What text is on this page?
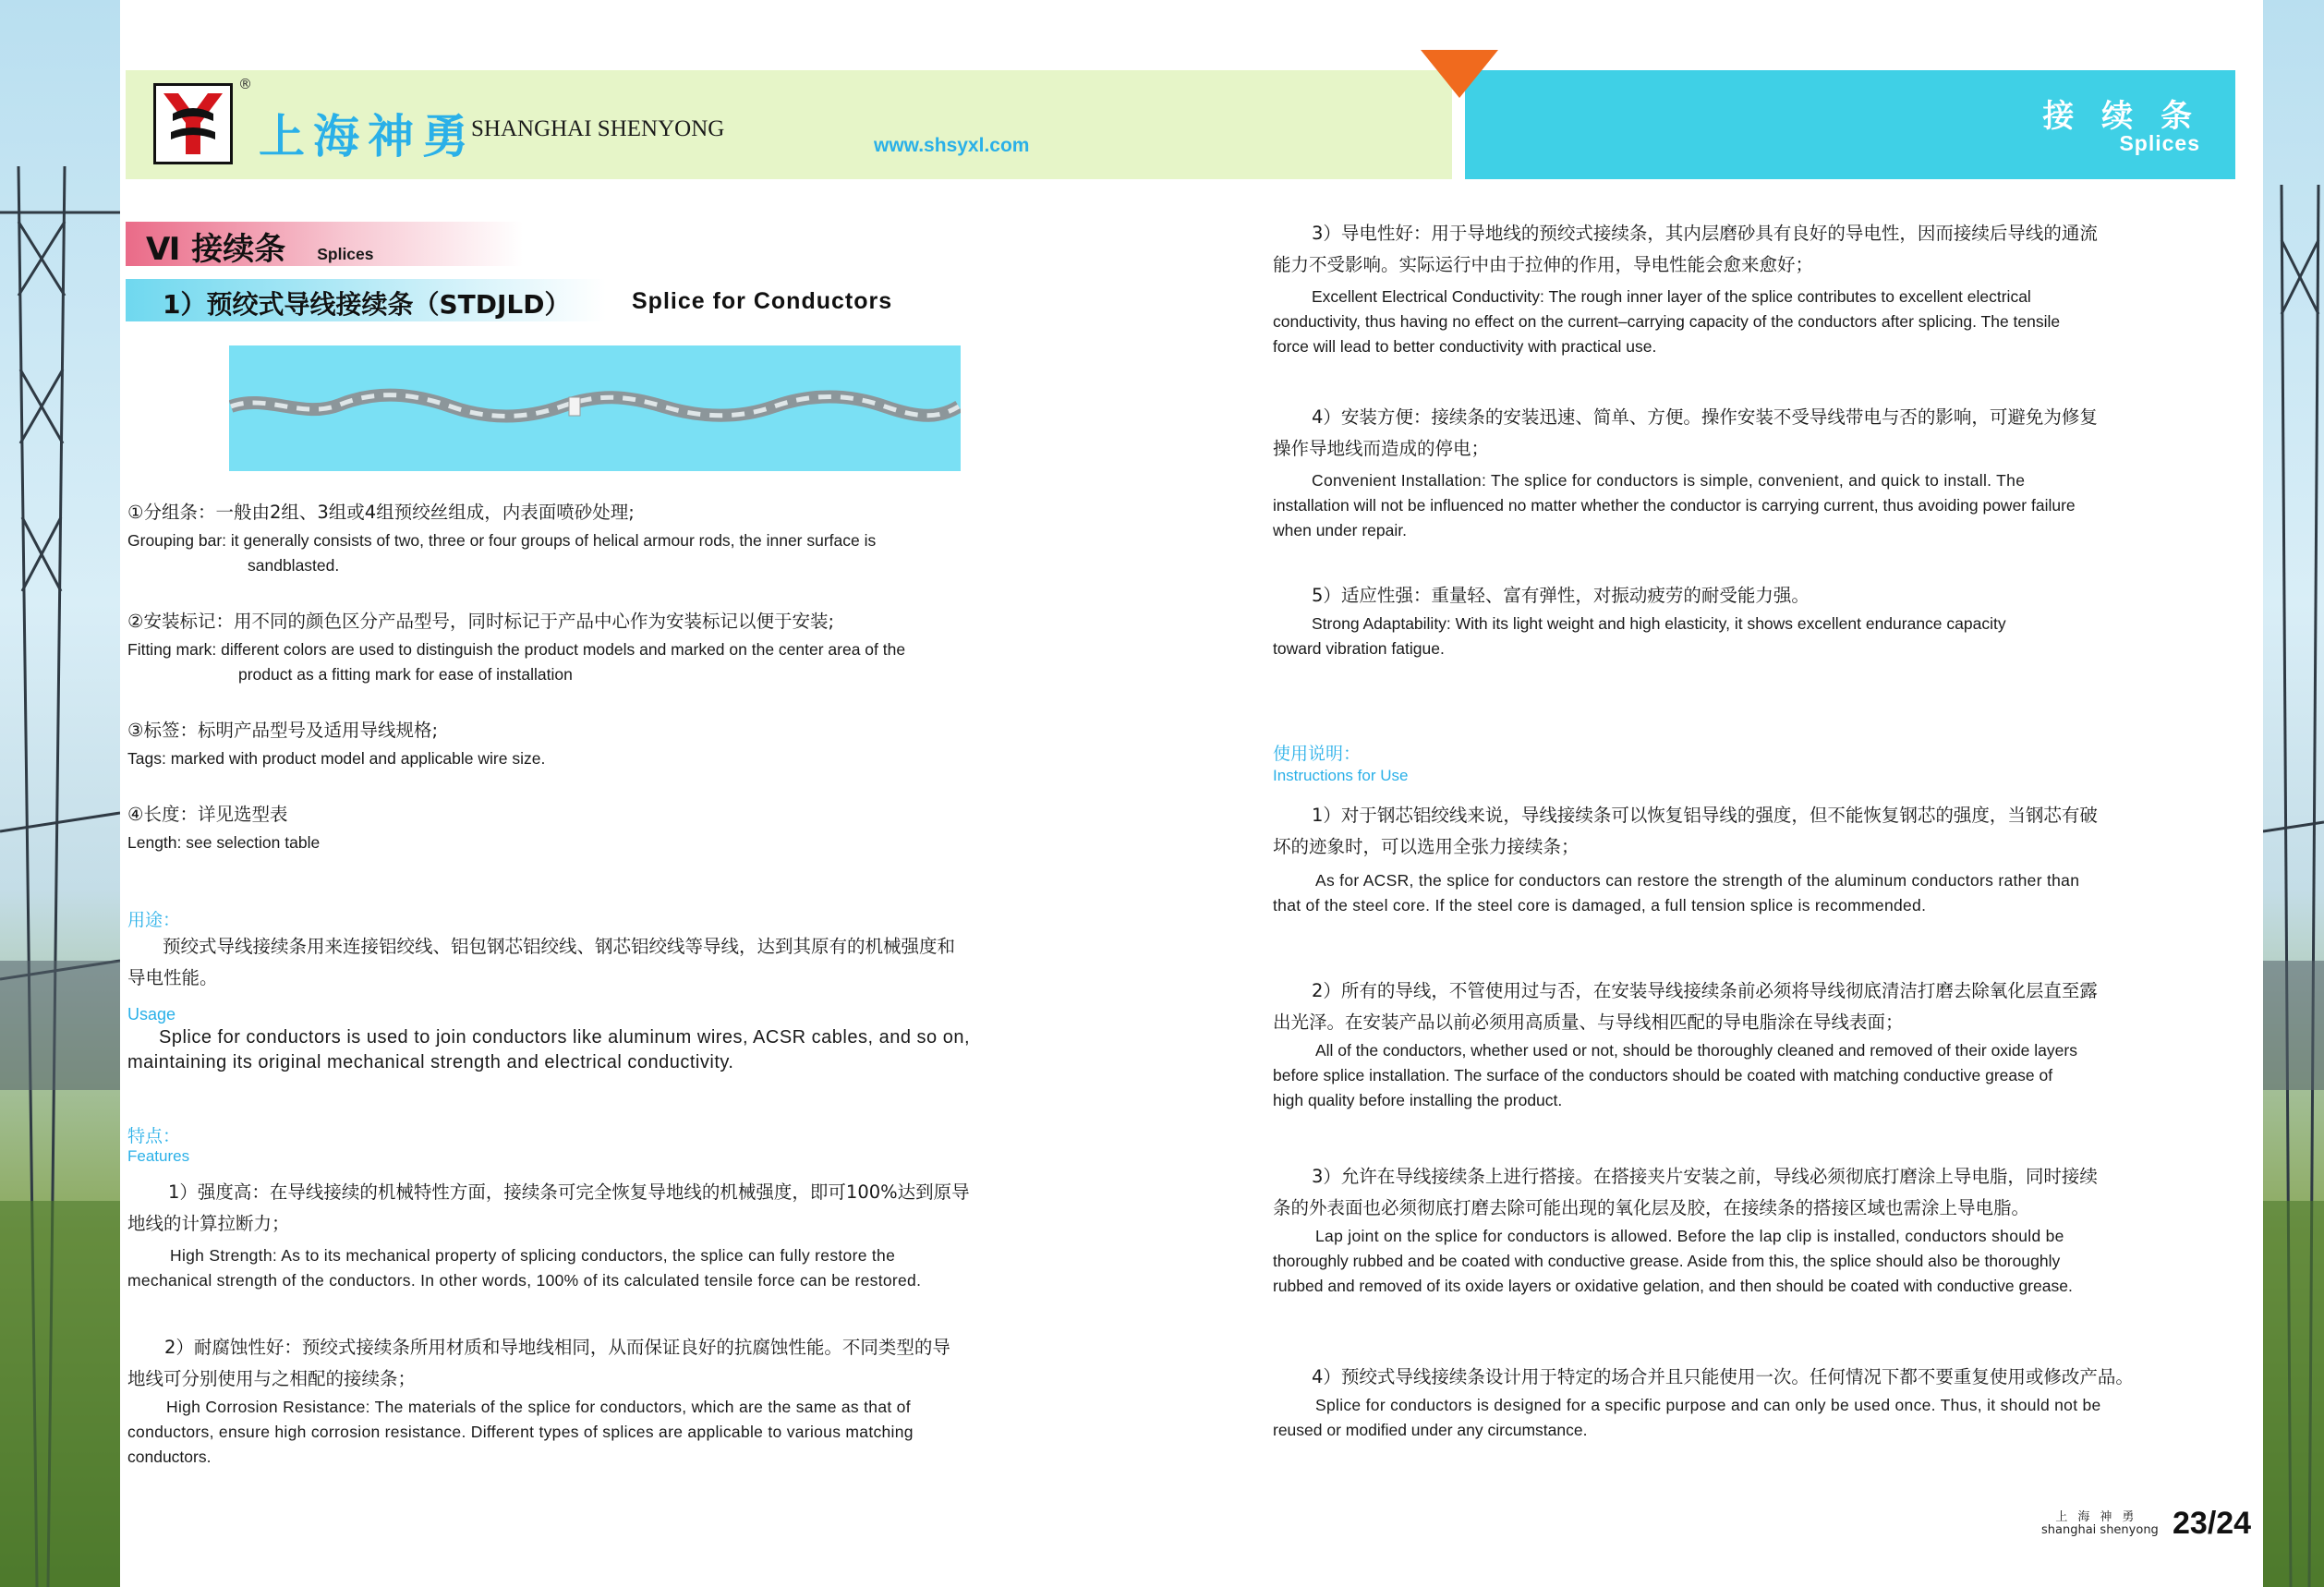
®
上海神勇
SHANGHAI SHENYONG
www.shsyxl.com
接 续 条
Splices
Ⅵ 接续条 Splices
1）预绞式导线接续条（STDJLD）	Splice for Conductors
①分组条：一般由2组、3组或4组预绞丝组成，内表面喷砂处理;
Grouping bar: it generally consists of two, three or four groups of helical armour rods, the inner surface is
sandblasted.
②安装标记：用不同的颜色区分产品型号，同时标记于产品中心作为安装标记以便于安装;
Fitting mark: different colors are used to distinguish the product models and marked on the center area of the
product as a fitting mark for ease of installation
③标签：标明产品型号及适用导线规格;
Tags: marked with product model and applicable wire size.
④长度：详见选型表
Length: see selection table
用途：
预绞式导线接续条用来连接铝绞线、铝包钢芯铝绞线、钢芯铝绞线等导线，达到其原有的机械强度和
导电性能。
Usage
Splice for conductors is used to join conductors like aluminum wires, ACSR cables, and so on,
maintaining its original mechanical strength and electrical conductivity.
特点：
Features
1）强度高：在导线接续的机械特性方面，接续条可完全恢复导地线的机械强度，即可100%达到原导
地线的计算拉断力；
High Strength: As to its mechanical property of splicing conductors, the splice can fully restore the
mechanical strength of the conductors. In other words, 100% of its calculated tensile force can be restored.
2）耐腐蚀性好：预绞式接续条所用材质和导地线相同，从而保证良好的抗腐蚀性能。不同类型的导
地线可分别使用与之相配的接续条；
High Corrosion Resistance: The materials of the splice for conductors, which are the same as that of
conductors, ensure high corrosion resistance. Different types of splices are applicable to various matching
conductors.
3）导电性好：用于导地线的预绞式接续条，其内层磨砂具有良好的导电性，因而接续后导线的通流
能力不受影响。实际运行中由于拉伸的作用，导电性能会愈来愈好；
Excellent Electrical Conductivity: The rough inner layer of the splice contributes to excellent electrical
conductivity, thus having no effect on the current–carrying capacity of the conductors after splicing. The tensile
force will lead to better conductivity with practical use.
4）安装方便：接续条的安装迅速、简单、方便。操作安装不受导线带电与否的影响，可避免为修复
操作导地线而造成的停电；
Convenient Installation: The splice for conductors is simple, convenient, and quick to install. The
installation will not be influenced no matter whether the conductor is carrying current, thus avoiding power failure
when under repair.
5）适应性强：重量轻、富有弹性，对振动疲劳的耐受能力强。
Strong Adaptability: With its light weight and high elasticity, it shows excellent endurance capacity
toward vibration fatigue.
使用说明：
Instructions for Use
1）对于钢芯铝绞线来说，导线接续条可以恢复铝导线的强度，但不能恢复钢芯的强度，当钢芯有破
坏的迹象时，可以选用全张力接续条；
As for ACSR, the splice for conductors can restore the strength of the aluminum conductors rather than
that of the steel core. If the steel core is damaged, a full tension splice is recommended.
2）所有的导线，不管使用过与否，在安装导线接续条前必须将导线彻底清洁打磨去除氧化层直至露
出光泽。在安装产品以前必须用高质量、与导线相匹配的导电脂涂在导线表面；
All of the conductors, whether used or not, should be thoroughly cleaned and removed of their oxide layers
before splice installation. The surface of the conductors should be coated with matching conductive grease of
high quality before installing the product.
3）允许在导线接续条上进行搭接。在搭接夹片安装之前，导线必须彻底打磨涂上导电脂，同时接续
条的外表面也必须彻底打磨去除可能出现的氧化层及胶，在接续条的搭接区域也需涂上导电脂。
Lap joint on the splice for conductors is allowed. Before the lap clip is installed, conductors should be
thoroughly rubbed and be coated with conductive grease. Aside from this, the splice should also be thoroughly
rubbed and removed of its oxide layers or oxidative gelation, and then should be coated with conductive grease.
4）预绞式导线接续条设计用于特定的场合并且只能使用一次。任何情况下都不要重复使用或修改产品。
Splice for conductors is designed for a specific purpose and can only be used once. Thus, it should not be
reused or modified under any circumstance.
上海神勇
shanghai shenyong 23/24
